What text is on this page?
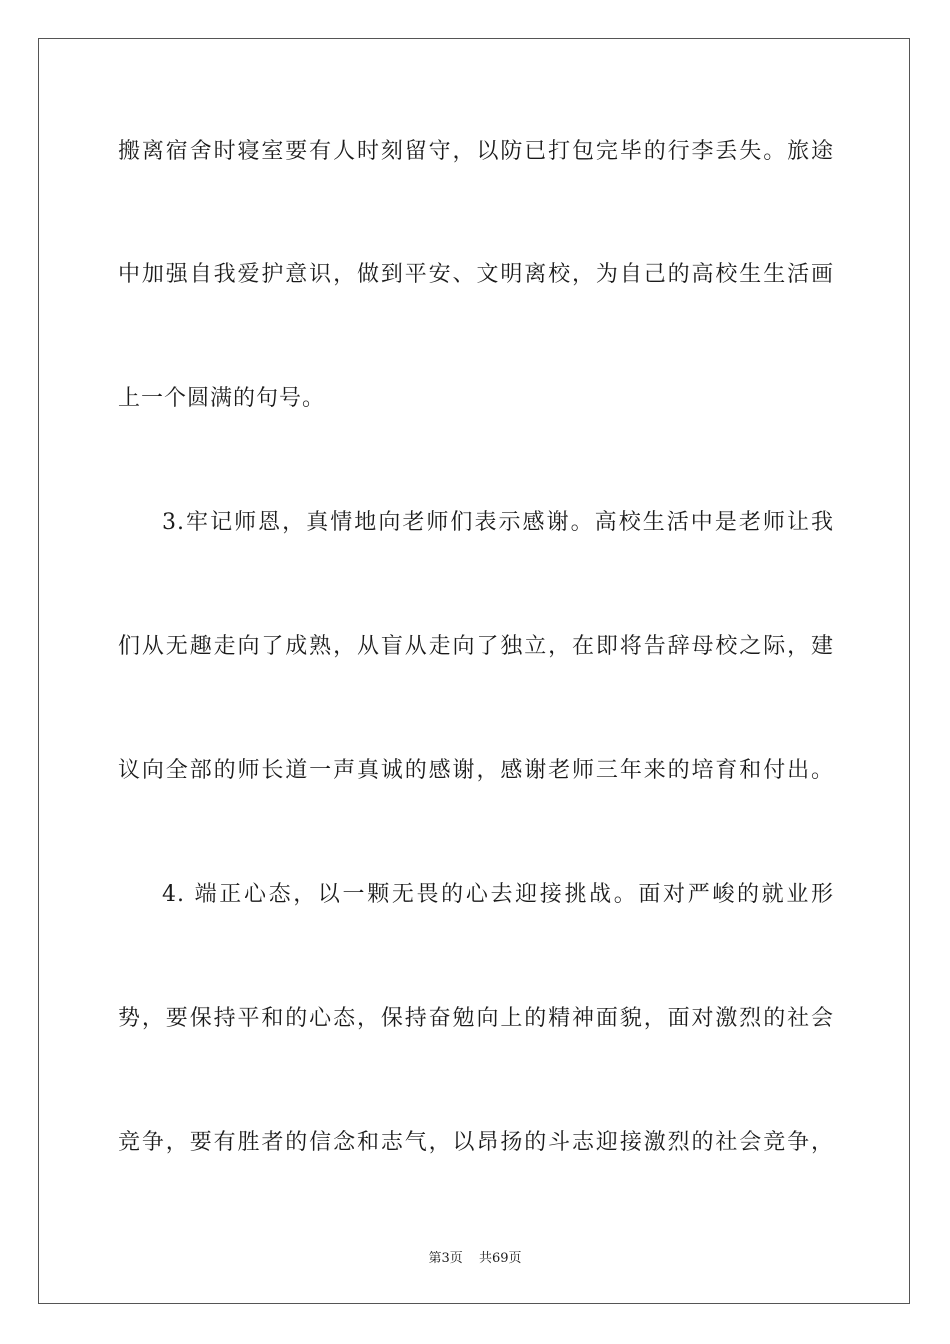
搬离宿舍时寝室要有人时刻留守，以防已打包完毕的行李丢失。旅途
中加强自我爱护意识，做到平安、文明离校，为自己的高校生生活画
上一个圆满的句号。
3.牢记师恩，真情地向老师们表示感谢。高校生活中是老师让我
们从无趣走向了成熟，从盲从走向了独立，在即将告辞母校之际，建
议向全部的师长道一声真诚的感谢，感谢老师三年来的培育和付出。
4. 端正心态，以一颗无畏的心去迎接挑战。面对严峻的就业形
势，要保持平和的心态，保持奋勉向上的精神面貌，面对激烈的社会
竞争，要有胜者的信念和志气，以昂扬的斗志迎接激烈的社会竞争，
第3页 共69页
